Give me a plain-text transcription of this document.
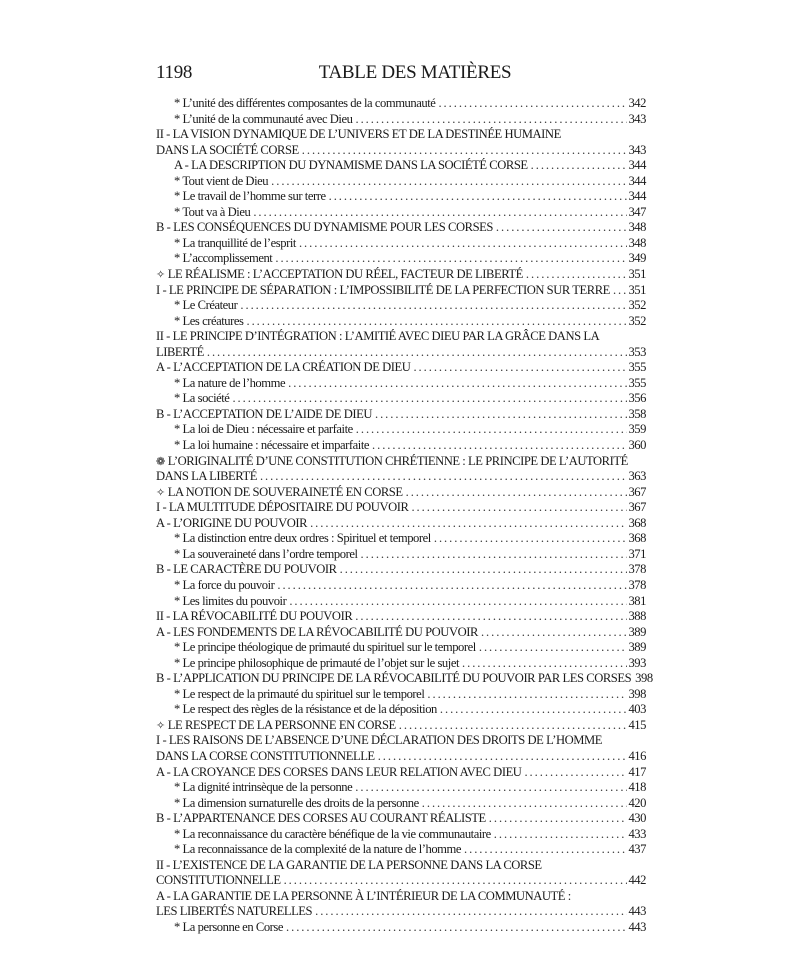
1198	TABLE DES MATIÈRES
* L’unité des différentes composantes de la communauté . . .	342
* L’unité de la communauté avec Dieu . . .	343
II - LA VISION DYNAMIQUE DE L’UNIVERS ET DE LA DESTINÉE HUMAINE
DANS LA SOCIÉTÉ CORSE . . .	343
A - LA DESCRIPTION DU DYNAMISME DANS LA SOCIÉTÉ CORSE . . .	344
* Tout vient de Dieu . . .	344
* Le travail de l’homme sur terre . . .	344
* Tout va à Dieu . . .	347
B - LES CONSÉQUENCES DU DYNAMISME POUR LES CORSES . . .	348
* La tranquillité de l’esprit . . .	348
* L’accomplissement . . .	349
✧ LE RÉALISME : L’ACCEPTATION DU RÉEL, FACTEUR DE LIBERTÉ . . .	351
I - LE PRINCIPE DE SÉPARATION : L’IMPOSSIBILITÉ DE LA PERFECTION SUR TERRE . . . 351
* Le Créateur . . .	352
* Les créatures . . .	352
II - LE PRINCIPE D’INTÉGRATION : L’AMITIÉ AVEC DIEU PAR LA GRÂCE DANS LA
LIBERTÉ . . .	353
A - L’ACCEPTATION DE LA CRÉATION DE DIEU . . .	355
* La nature de l’homme . . .	355
* La société . . .	356
B - L’ACCEPTATION DE L’AIDE DE DIEU . . .	358
* La loi de Dieu : nécessaire et parfaite . . .	359
* La loi humaine : nécessaire et imparfaite . . .	360
❁ L’ORIGINALITÉ D’UNE CONSTITUTION CHRÉTIENNE : LE PRINCIPE DE L’AUTORITÉ
DANS LA LIBERTÉ . . .	363
✧ LA NOTION DE SOUVERAINETÉ EN CORSE . . .	367
I - LA MULTITUDE DÉPOSITAIRE DU POUVOIR . . .	367
A - L’ORIGINE DU POUVOIR . . .	368
* La distinction entre deux ordres : Spirituel et temporel . . .	368
* La souveraineté dans l’ordre temporel . . .	371
B - LE CARACTÈRE DU POUVOIR . . .	378
* La force du pouvoir . . .	378
* Les limites du pouvoir . . .	381
II - LA RÉVOCABILITÉ DU POUVOIR . . .	388
A - LES FONDEMENTS DE LA RÉVOCABILITÉ DU POUVOIR . . .	389
* Le principe théologique de primauté du spirituel sur le temporel . . .	389
* Le principe philosophique de primauté de l’objet sur le sujet . . .	393
B - L’APPLICATION DU PRINCIPE DE LA RÉVOCABILITÉ DU POUVOIR PAR LES CORSES 398
* Le respect de la primauté du spirituel sur le temporel . . .	398
* Le respect des règles de la résistance et de la déposition . . .	403
✧ LE RESPECT DE LA PERSONNE EN CORSE . . .	415
I - LES RAISONS DE L’ABSENCE D’UNE DÉCLARATION DES DROITS DE L’HOMME
DANS LA CORSE CONSTITUTIONNELLE . . .	416
A - LA CROYANCE DES CORSES DANS LEUR RELATION AVEC DIEU . . .	417
* La dignité intrinsèque de la personne . . .	418
* La dimension surnaturelle des droits de la personne . . .	420
B - L’APPARTENANCE DES CORSES AU COURANT RÉALISTE . . .	430
* La reconnaissance du caractère bénéfique de la vie communautaire . . .	433
* La reconnaissance de la complexité de la nature de l’homme . . .	437
II - L’EXISTENCE DE LA GARANTIE DE LA PERSONNE DANS LA CORSE
CONSTITUTIONNELLE . . .	442
A - LA GARANTIE DE LA PERSONNE À L’INTÉRIEUR DE LA COMMUNAUTÉ :
LES LIBERTÉS NATURELLES . . .	443
* La personne en Corse . . .	443
